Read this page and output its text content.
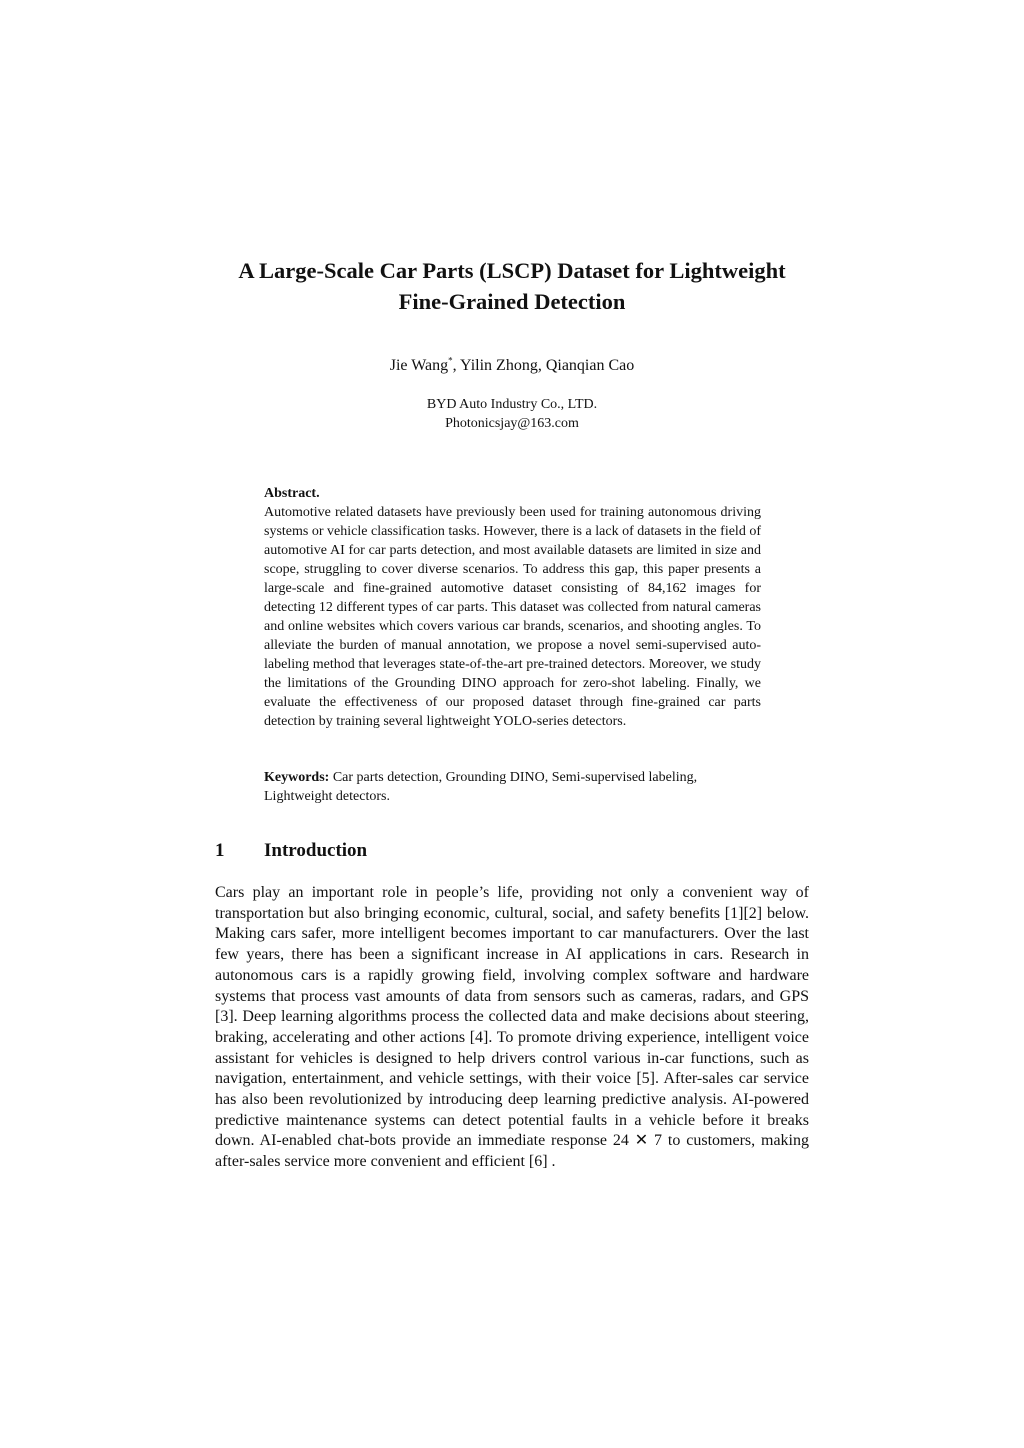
A Large-Scale Car Parts (LSCP) Dataset for Lightweight
Fine-Grained Detection

Jie Wang*, Yilin Zhong, Qianqian Cao

BYD Auto Industry Co., LTD.
Photonicsjay@163.com

Abstract.

Automotive related datasets have previously been used for training autonomous driving systems or vehicle classification tasks. However, there is a lack of datasets in the field of automotive AI for car parts detection, and most available datasets are limited in size and scope, struggling to cover diverse scenarios. To address this gap, this paper presents a large-scale and fine-grained automotive dataset consisting of 84,162 images for detecting 12 different types of car parts. This dataset was collected from natural cameras and online websites which covers various car brands, scenarios, and shooting angles. To alleviate the burden of manual annotation, we propose a novel semi-supervised auto-labeling method that leverages state-of-the-art pre-trained detectors. Moreover, we study the limitations of the Grounding DINO approach for zero-shot labeling. Finally, we evaluate the effectiveness of our proposed dataset through fine-grained car parts detection by training several lightweight YOLO-series detectors.

Keywords: Car parts detection, Grounding DINO, Semi-supervised labeling, Lightweight detectors.

1 Introduction

Cars play an important role in people’s life, providing not only a convenient way of transportation but also bringing economic, cultural, social, and safety benefits [1][2] below. Making cars safer, more intelligent becomes important to car manufacturers. Over the last few years, there has been a significant increase in AI applications in cars. Research in autonomous cars is a rapidly growing field, involving complex software and hardware systems that process vast amounts of data from sensors such as cameras, radars, and GPS [3]. Deep learning algorithms process the collected data and make decisions about steering, braking, accelerating and other actions [4]. To promote driving experience, intelligent voice assistant for vehicles is designed to help drivers control various in-car functions, such as navigation, entertainment, and vehicle settings, with their voice [5]. After-sales car service has also been revolutionized by introducing deep learning predictive analysis. AI-powered predictive maintenance systems can detect potential faults in a vehicle before it breaks down. AI-enabled chat-bots provide an immediate response 24 ✕ 7 to customers, making after-sales service more convenient and efficient [6] .
